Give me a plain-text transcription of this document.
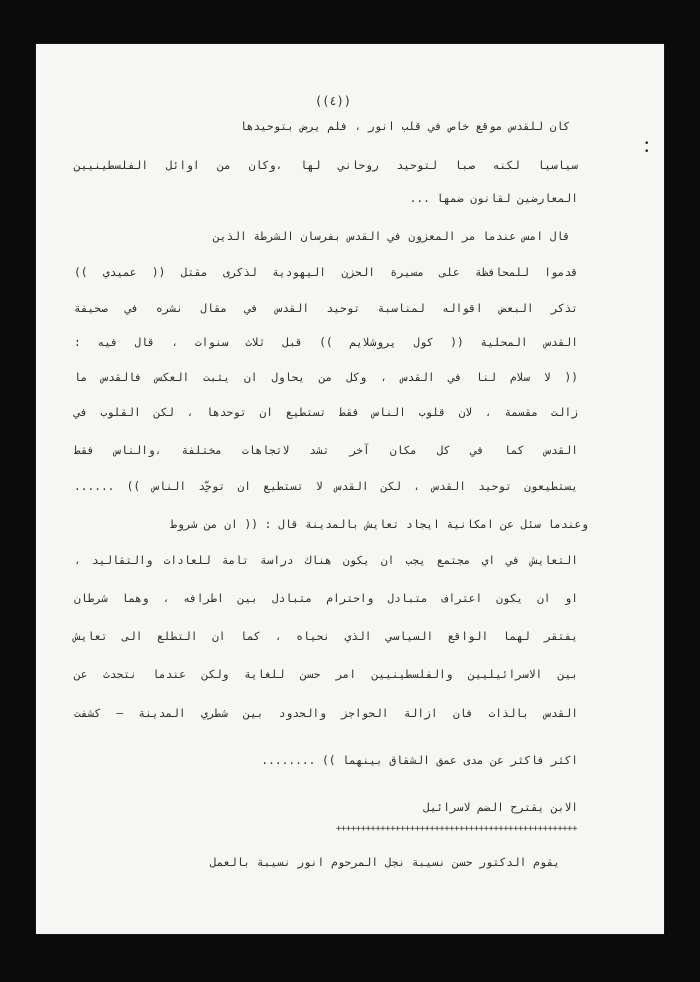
•
•
((٤))
كان للقدس موقع خاص في قلب انور ، فلم يرض بتوحيدها
سياسيا لكنه صبا لتوحيد روحاني لها ،وكان من اوائل الفلسطينيين
المعارضين لقانون ضمها ...
قال امس عندما مر المعزون في القدس بفرسان الشرطة الذين
قدموا للمحافظة على مسيرة الحزن اليهودية لذكرى مقتل (( عميدي ))
تذكر البعض اقواله لمناسبة توحيد القدس في مقال نشره في صحيفة
القدس المحلية (( كول يروشلايم )) قبل ثلاث سنوات ، قال فيه :
(( لا سلام لنا في القدس ، وكل من يحاول ان يثبت العكس فالقدس ما
زالت مقسمة ، لان قلوب الناس فقط تستطيع ان توحدها ، لكن القلوب في
القدس كما في كل مكان آخر تشد لاتجاهات مختلفة ،والناس فقط
يستطيعون توحيد القدس ، لكن القدس لا تستطيع ان توحِّد الناس )) ......
وعندما سئل عن امكانية ايجاد تعايش بالمدينة قال : (( ان من شروط
التعايش في اي مجتمع يجب ان يكون هناك دراسة تامة للعادات والتقاليد ،
او ان يكون اعتراف متبادل واحترام متبادل بين اطرافه ، وهما شرطان
يفتقر لهما الواقع السياسي الذي نحياه ، كما ان التطلع الى تعايش
بين الاسرائيليين والفلسطينيين امر حسن للغاية ولكن عندما نتحدث عن
القدس بالذات فان ازالة الحواجز والحدود بين شطري المدينة – كشفت
اكثر فاكثر عن مدى عمق الشقاق بينهما )) ........
الابن يقترح الضم لاسرائيل
+++++++++++++++++++++++++++++++++++++++++++++++++
يقوم الدكتور حسن نسيبة نجل المرحوم انور نسيبة بالعمل
